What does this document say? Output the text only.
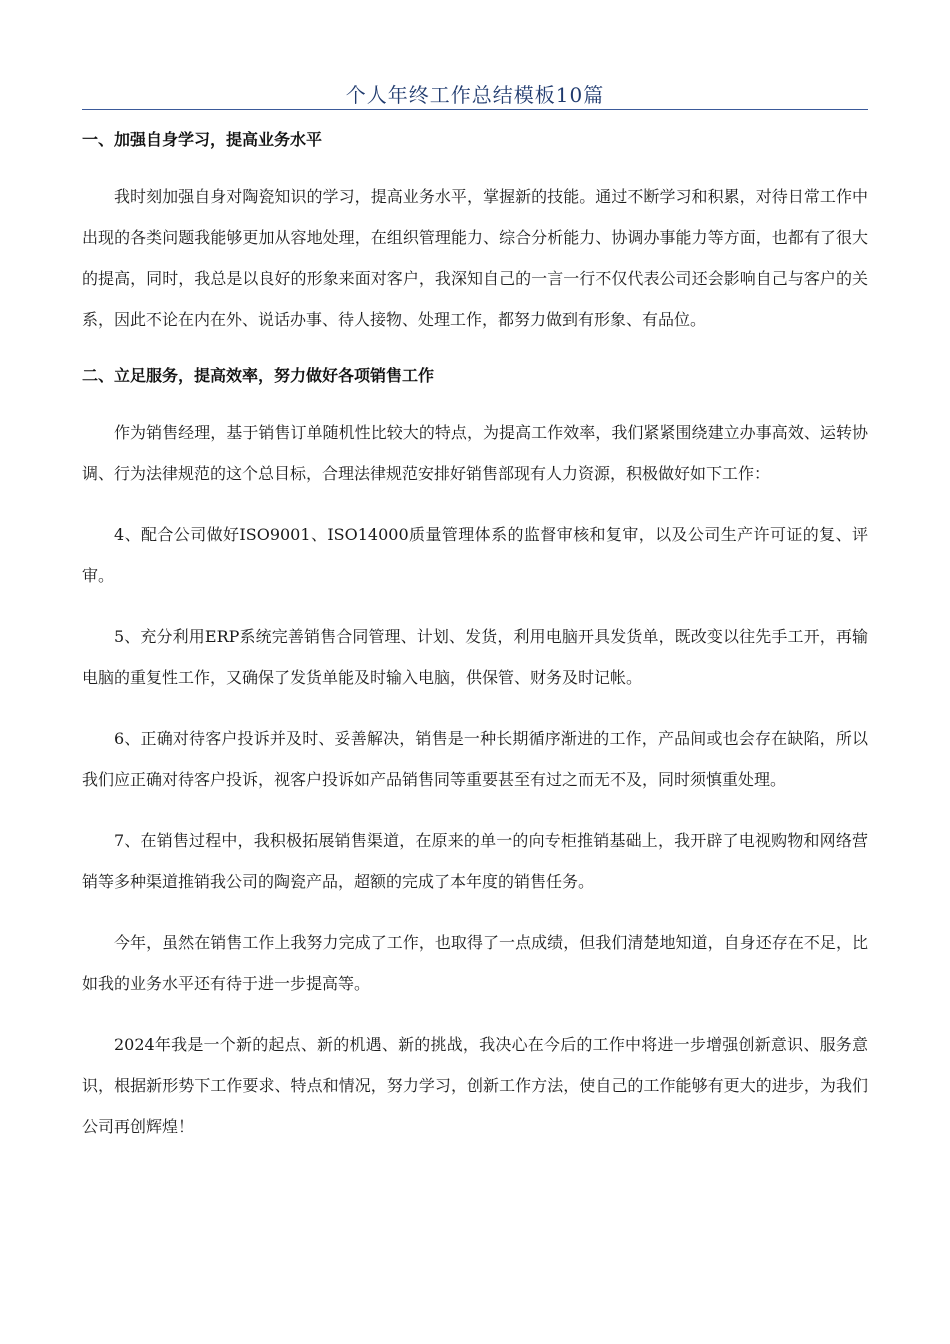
个人年终工作总结模板10篇
一、加强自身学习，提高业务水平

我时刻加强自身对陶瓷知识的学习，提高业务水平，掌握新的技能。通过不断学习和积累，对待日常工作中出现的各类问题我能够更加从容地处理，在组织管理能力、综合分析能力、协调办事能力等方面，也都有了很大的提高，同时，我总是以良好的形象来面对客户，我深知自己的一言一行不仅代表公司还会影响自己与客户的关系，因此不论在内在外、说话办事、待人接物、处理工作，都努力做到有形象、有品位。

二、立足服务，提高效率，努力做好各项销售工作

作为销售经理，基于销售订单随机性比较大的特点，为提高工作效率，我们紧紧围绕建立办事高效、运转协调、行为法律规范的这个总目标，合理法律规范安排好销售部现有人力资源，积极做好如下工作：

4、配合公司做好ISO9001、ISO14000质量管理体系的监督审核和复审，以及公司生产许可证的复、评审。

5、充分利用ERP系统完善销售合同管理、计划、发货，利用电脑开具发货单，既改变以往先手工开，再输电脑的重复性工作，又确保了发货单能及时输入电脑，供保管、财务及时记帐。

6、正确对待客户投诉并及时、妥善解决，销售是一种长期循序渐进的工作，产品间或也会存在缺陷，所以我们应正确对待客户投诉，视客户投诉如产品销售同等重要甚至有过之而无不及，同时须慎重处理。

7、在销售过程中，我积极拓展销售渠道，在原来的单一的向专柜推销基础上，我开辟了电视购物和网络营销等多种渠道推销我公司的陶瓷产品，超额的完成了本年度的销售任务。

今年，虽然在销售工作上我努力完成了工作，也取得了一点成绩，但我们清楚地知道，自身还存在不足，比如我的业务水平还有待于进一步提高等。

2024年我是一个新的起点、新的机遇、新的挑战，我决心在今后的工作中将进一步增强创新意识、服务意识，根据新形势下工作要求、特点和情况，努力学习，创新工作方法，使自己的工作能够有更大的进步，为我们公司再创辉煌！
